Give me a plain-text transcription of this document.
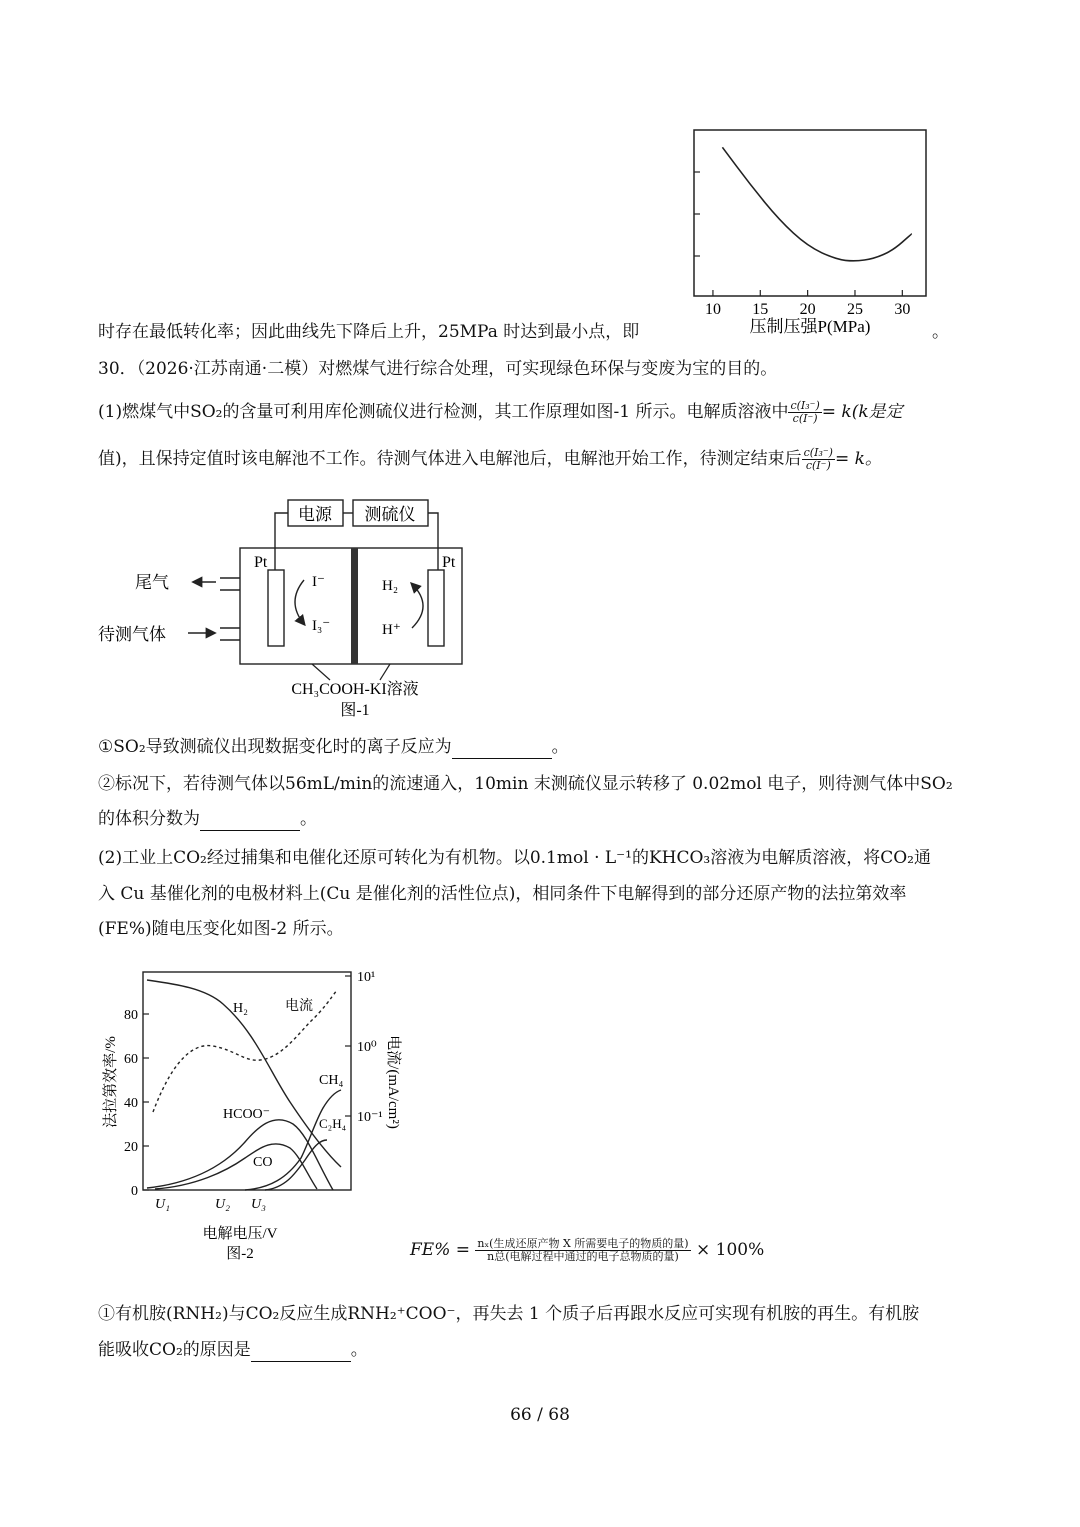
10 15 20 25 30
压制压强P(MPa)
时存在最低转化率；因此曲线先下降后上升，25MPa 时达到最小点，即	。
30．（2026·江苏南通·二模）对燃煤气进行综合处理，可实现绿色环保与变废为宝的目的。
(1)燃煤气中SO₂的含量可利用库伦测硫仪进行检测，其工作原理如图-1 所示。电解质溶液中 $\frac{\text{c(I₃⁻)}}{c(I^-)} = k(k$是定
值)，且保持定值时该电解池不工作。待测气体进入电解池后，电解池开始工作，待测定结束后 $\frac{\text{c(I₃⁻)}}{c(I^-)} = k$。
电源 测硫仪
Pt	Pt
尾气
待测气体
I⁻
I₃⁻
H₂
H⁺
CH₃COOH-KI溶液
图-1
①SO₂导致测硫仪出现数据变化时的离子反应为	。
②标况下，若待测气体以56mL/min的流速通入，10min 末测硫仪显示转移了 0.02mol 电子，则待测气体中SO₂
的体积分数为	。
(2)工业上CO₂经过捕集和电催化还原可转化为有机物。以0.1mol · L⁻¹的KHCO₃溶液为电解质溶液，将CO₂通
入 Cu 基催化剂的电极材料上(Cu 是催化剂的活性位点)，相同条件下电解得到的部分还原产物的法拉第效率
(FE%)随电压变化如图-2 所示。
0
20
40
60
80
10¹
10⁰
10⁻¹
法拉第效率/%	电流/(mA/cm²)
U₁	U₂ U₃
电解电压/V
图-2
H₂	电流
CH₄
C₂H₄
HCOO⁻
CO
$FE\% = \frac{\text{nₓ(生成还原产物 X 所需要电子的物质的量)}}{\text{n总(电解过程中通过的电子总物质的量)}} \times 100\%$
①有机胺(RNH₂)与CO₂反应生成RNH₂⁺COO⁻，再失去 1 个质子后再跟水反应可实现有机胺的再生。有机胺
能吸收CO₂的原因是	。
66 / 68
